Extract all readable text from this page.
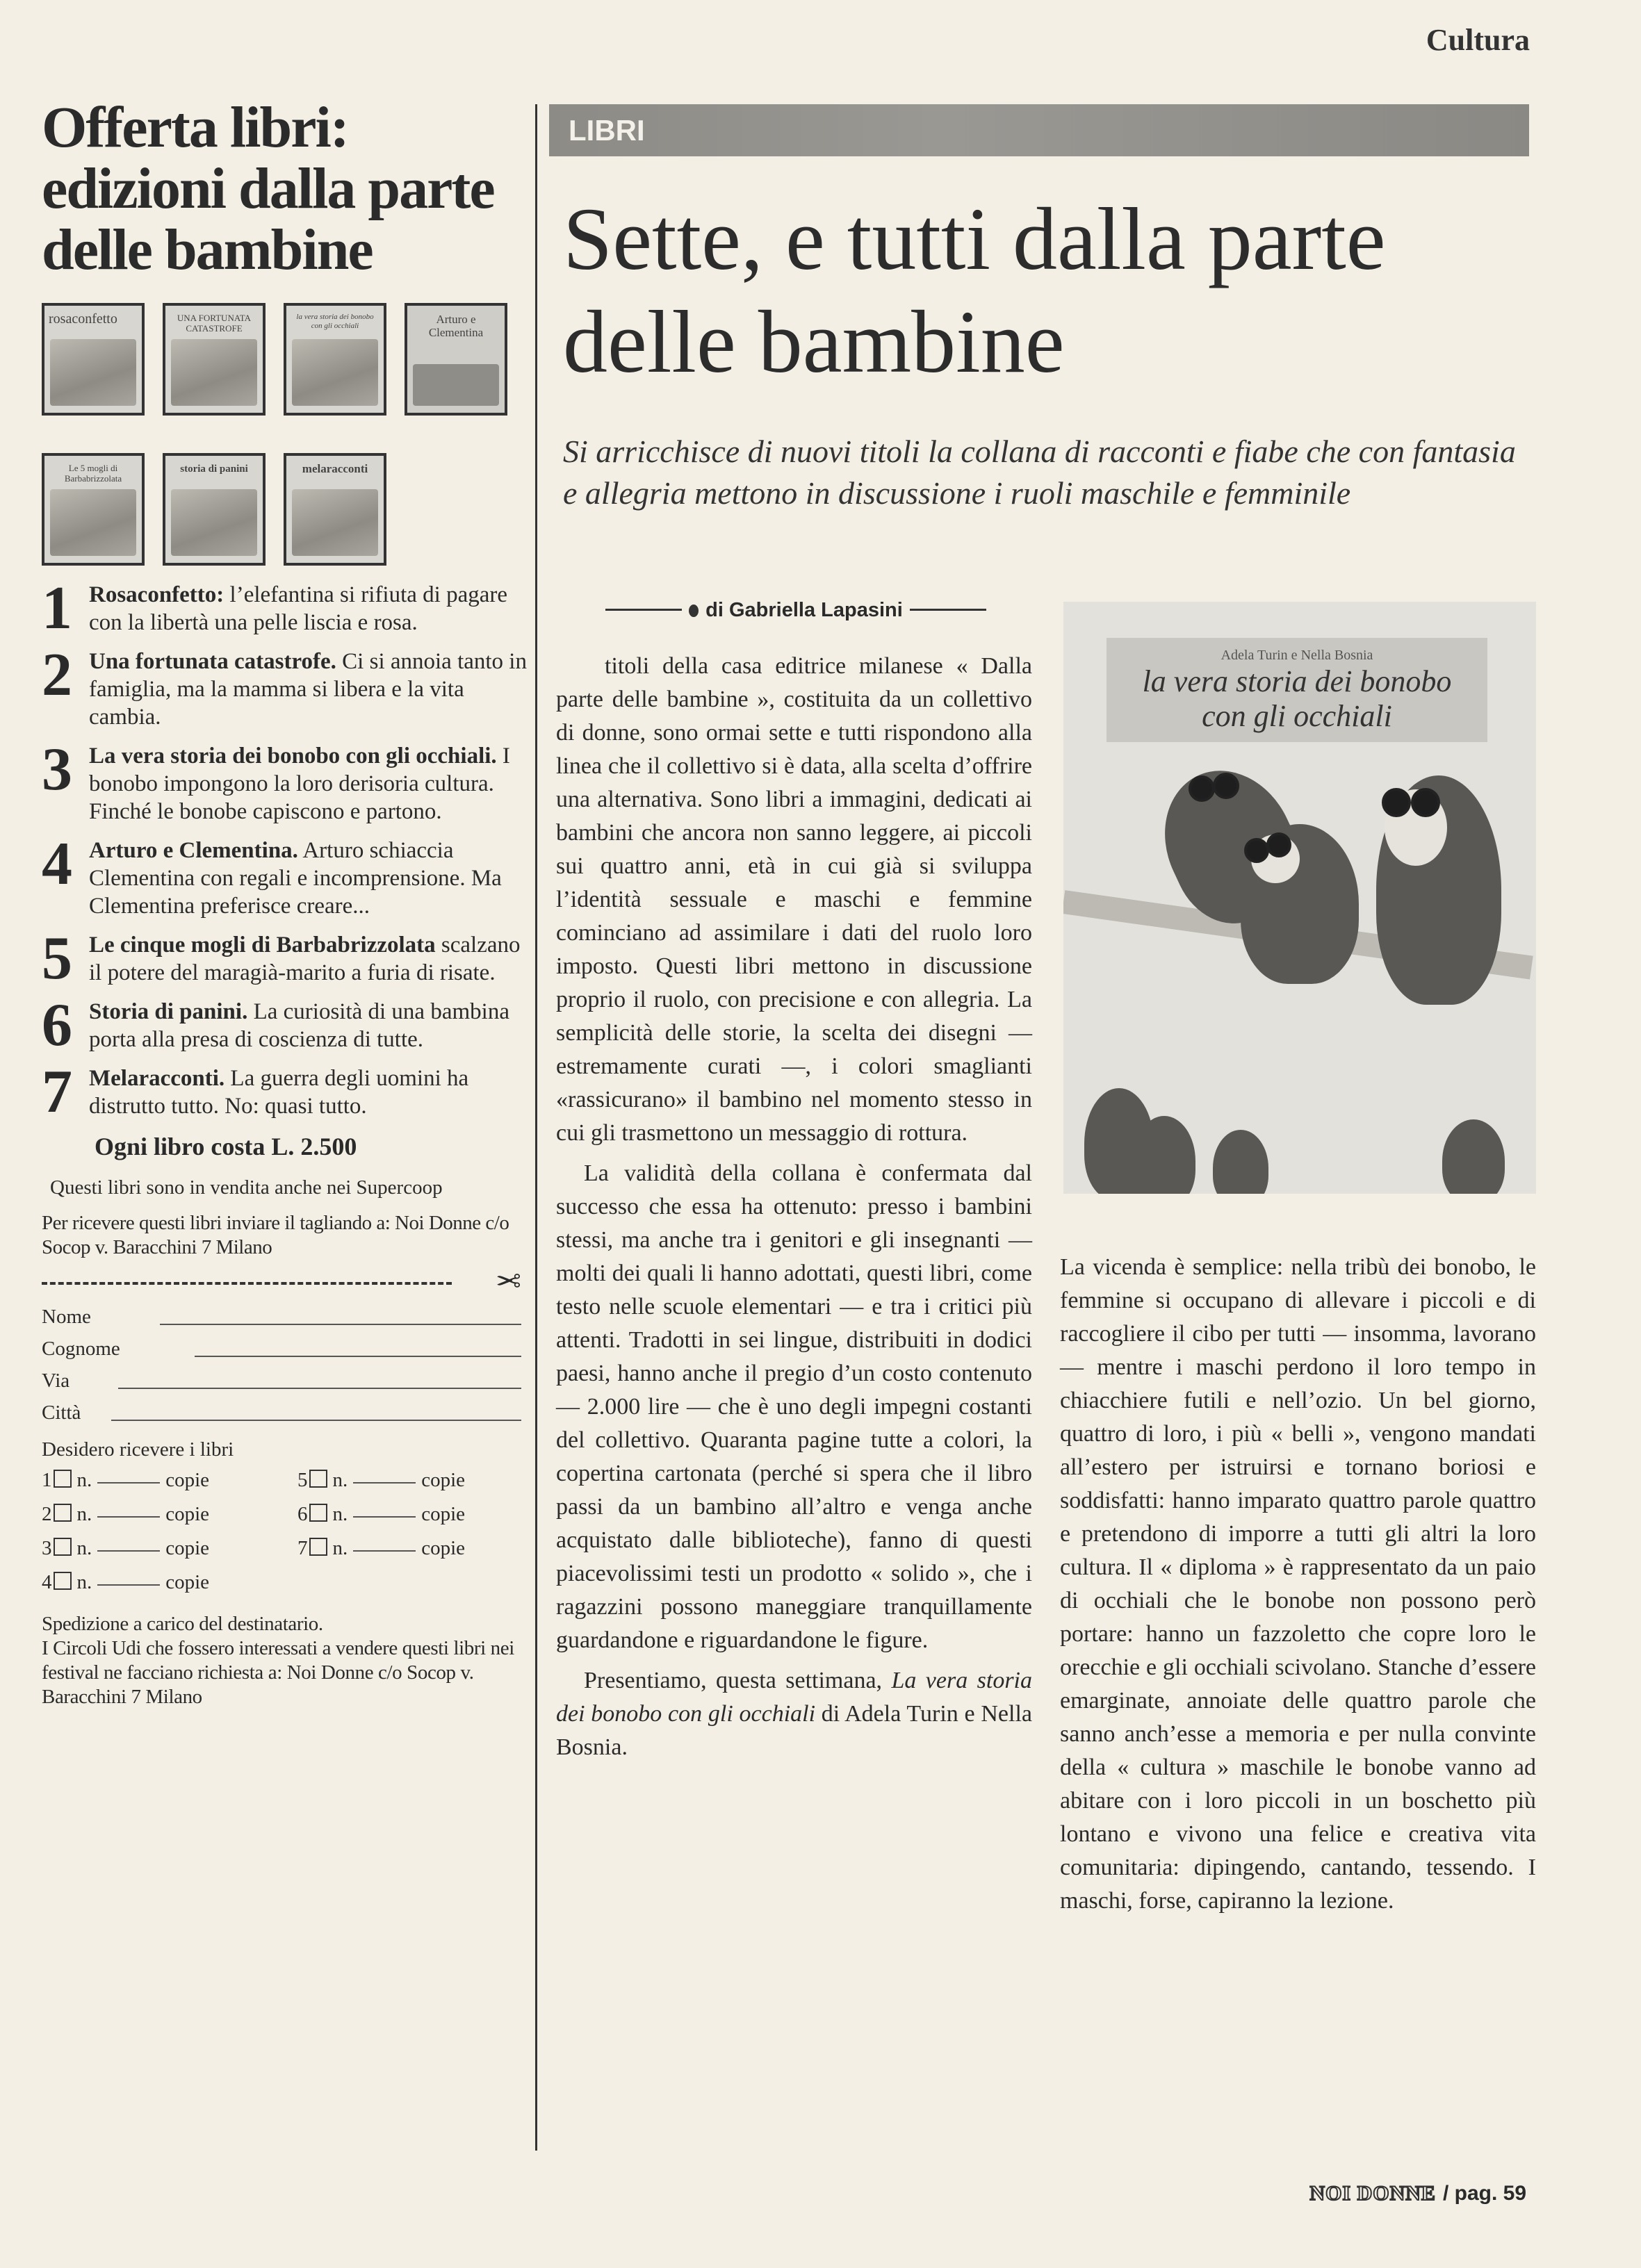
Cultura
Offerta libri:
edizioni dalla parte
delle bambine
rosaconfetto	UNA FORTUNATA CATASTROFE
la vera storia dei bonobo con gli occhiali	Arturo e Clementina
Le 5 mogli di Barbabrizzolata
storia di panini	melaracconti
1 Rosaconfetto: l’elefantina si rifiuta di pagare con la libertà una pelle liscia e rosa.
2 Una fortunata catastrofe. Ci si annoia tanto in famiglia, ma la mamma si libera e la vita cambia.
3 La vera storia dei bonobo con gli occhiali. I bonobo impongono la loro derisoria cultura. Finché le bonobe capiscono e partono.
4 Arturo e Clementina. Arturo schiaccia Clementina con regali e incomprensione. Ma Clementina preferisce creare...
5 Le cinque mogli di Barbabrizzolata scalzano il potere del maragià-marito a furia di risate.
6 Storia di panini. La curiosità di una bambina porta alla presa di coscienza di tutte.
7 Melaracconti. La guerra degli uomini ha distrutto tutto. No: quasi tutto.
Ogni libro costa L. 2.500
Questi libri sono in vendita anche nei Supercoop
Per ricevere questi libri inviare il tagliando a: Noi Donne c/o Socop v. Baracchini 7 Milano
✂
Nome
Cognome
Via
Città
Desidero ricevere i libri
1 n.	copie
2 n.	copie
3 n.	copie
4 n.	copie
5 n.	copie
6 n.	copie
7 n.	copie
Spedizione a carico del destinatario.
I Circoli Udi che fossero interessati a vendere questi libri nei festival ne facciano richiesta a: Noi Donne c/o Socop v. Baracchini 7 Milano
LIBRI
Sette, e tutti dalla parte delle bambine
Si arricchisce di nuovi titoli la collana di racconti e fiabe che con fantasia e allegria mettono in discussione i ruoli maschile e femminile
di Gabriella Lapasini

titoli della casa editrice milanese « Dalla parte delle bambine », costituita da un collettivo di donne, sono ormai sette e tutti rispondono alla linea che il collettivo si è data, alla scelta d’offrire una alternativa. Sono libri a immagini, dedicati ai bambini che ancora non sanno leggere, ai piccoli sui quattro anni, età in cui già si sviluppa l’identità sessuale e maschi e femmine cominciano ad assimilare i dati del ruolo loro imposto. Questi libri mettono in discussione proprio il ruolo, con precisione e con allegria. La semplicità delle storie, la scelta dei disegni — estremamente curati —, i colori smaglianti «rassicurano» il bambino nel momento stesso in cui gli trasmettono un messaggio di rottura.

La validità della collana è confermata dal successo che essa ha ottenuto: presso i bambini stessi, ma anche tra i genitori e gli insegnanti — molti dei quali li hanno adottati, questi libri, come testo nelle scuole elementari — e tra i critici più attenti. Tradotti in sei lingue, distribuiti in dodici paesi, hanno anche il pregio d’un costo contenuto — 2.000 lire — che è uno degli impegni costanti del collettivo. Quaranta pagine tutte a colori, la copertina cartonata (perché si spera che il libro passi da un bambino all’altro e venga anche acquistato dalle biblioteche), fanno di questi piacevolissimi testi un prodotto « solido », che i ragazzini possono maneggiare tranquillamente guardandone e riguardandone le figure.

Presentiamo, questa settimana, La vera storia dei bonobo con gli occhiali di Adela Turin e Nella Bosnia.

Adela Turin e Nella Bosnia
la vera storia dei bonobo
con gli occhiali

La vicenda è semplice: nella tribù dei bonobo, le femmine si occupano di allevare i piccoli e di raccogliere il cibo per tutti — insomma, lavorano — mentre i maschi perdono il loro tempo in chiacchiere futili e nell’ozio. Un bel giorno, quattro di loro, i più « belli », vengono mandati all’estero per istruirsi e tornano boriosi e soddisfatti: hanno imparato quattro parole quattro e pretendono di imporre a tutti gli altri la loro cultura. Il « diploma » è rappresentato da un paio di occhiali che le bonobe non possono però portare: hanno un fazzoletto che copre loro le orecchie e gli occhiali scivolano. Stanche d’essere emarginate, annoiate delle quattro parole che sanno anch’esse a memoria e per nulla convinte della « cultura » maschile le bonobe vanno ad abitare con i loro piccoli in un boschetto più lontano e vivono una felice e creativa vita comunitaria: dipingendo, cantando, tessendo. I maschi, forse, capiranno la lezione.

NOI DONNE / pag. 59
